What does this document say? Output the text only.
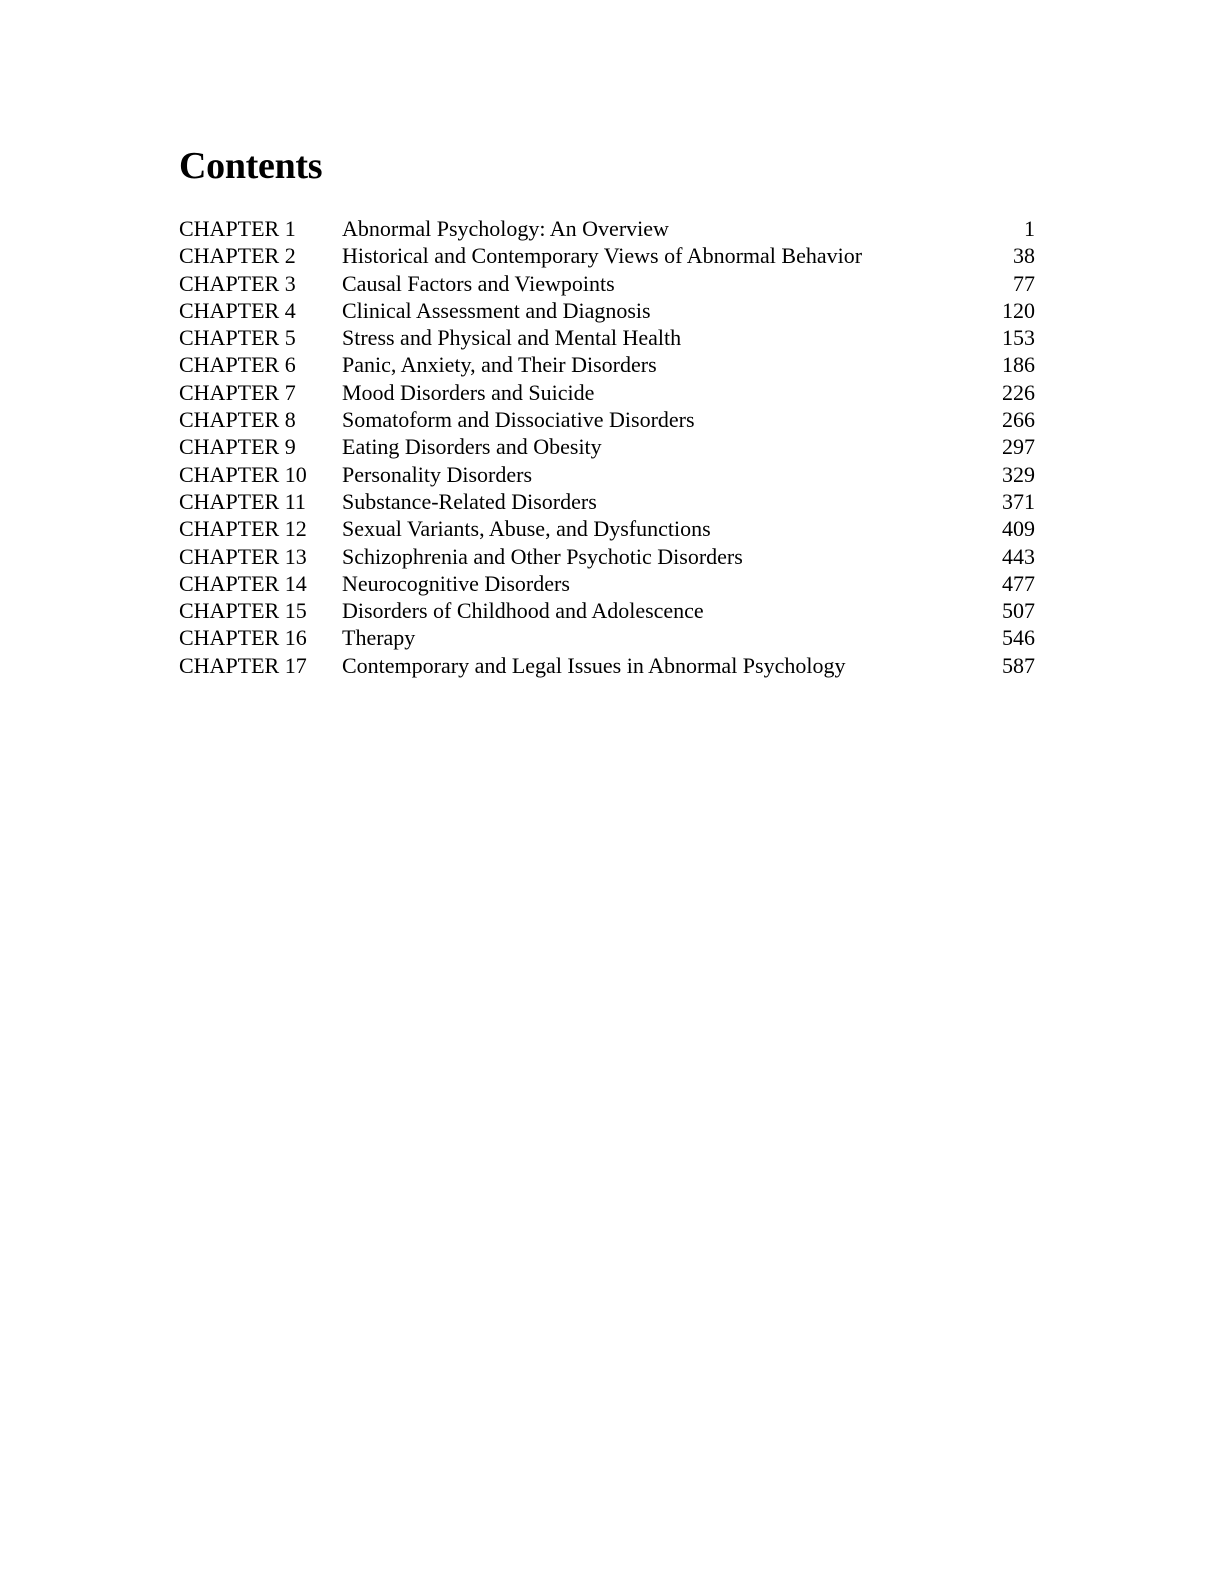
Contents
CHAPTER 1 Abnormal Psychology: An Overview	1
CHAPTER 2 Historical and Contemporary Views of Abnormal Behavior	38
CHAPTER 3 Causal Factors and Viewpoints	77
CHAPTER 4 Clinical Assessment and Diagnosis	120
CHAPTER 5 Stress and Physical and Mental Health	153
CHAPTER 6 Panic, Anxiety, and Their Disorders	186
CHAPTER 7 Mood Disorders and Suicide	226
CHAPTER 8 Somatoform and Dissociative Disorders	266
CHAPTER 9 Eating Disorders and Obesity	297
CHAPTER 10 Personality Disorders	329
CHAPTER 11 Substance-Related Disorders	371
CHAPTER 12 Sexual Variants, Abuse, and Dysfunctions	409
CHAPTER 13 Schizophrenia and Other Psychotic Disorders	443
CHAPTER 14 Neurocognitive Disorders	477
CHAPTER 15 Disorders of Childhood and Adolescence	507
CHAPTER 16 Therapy	546
CHAPTER 17 Contemporary and Legal Issues in Abnormal Psychology	587
